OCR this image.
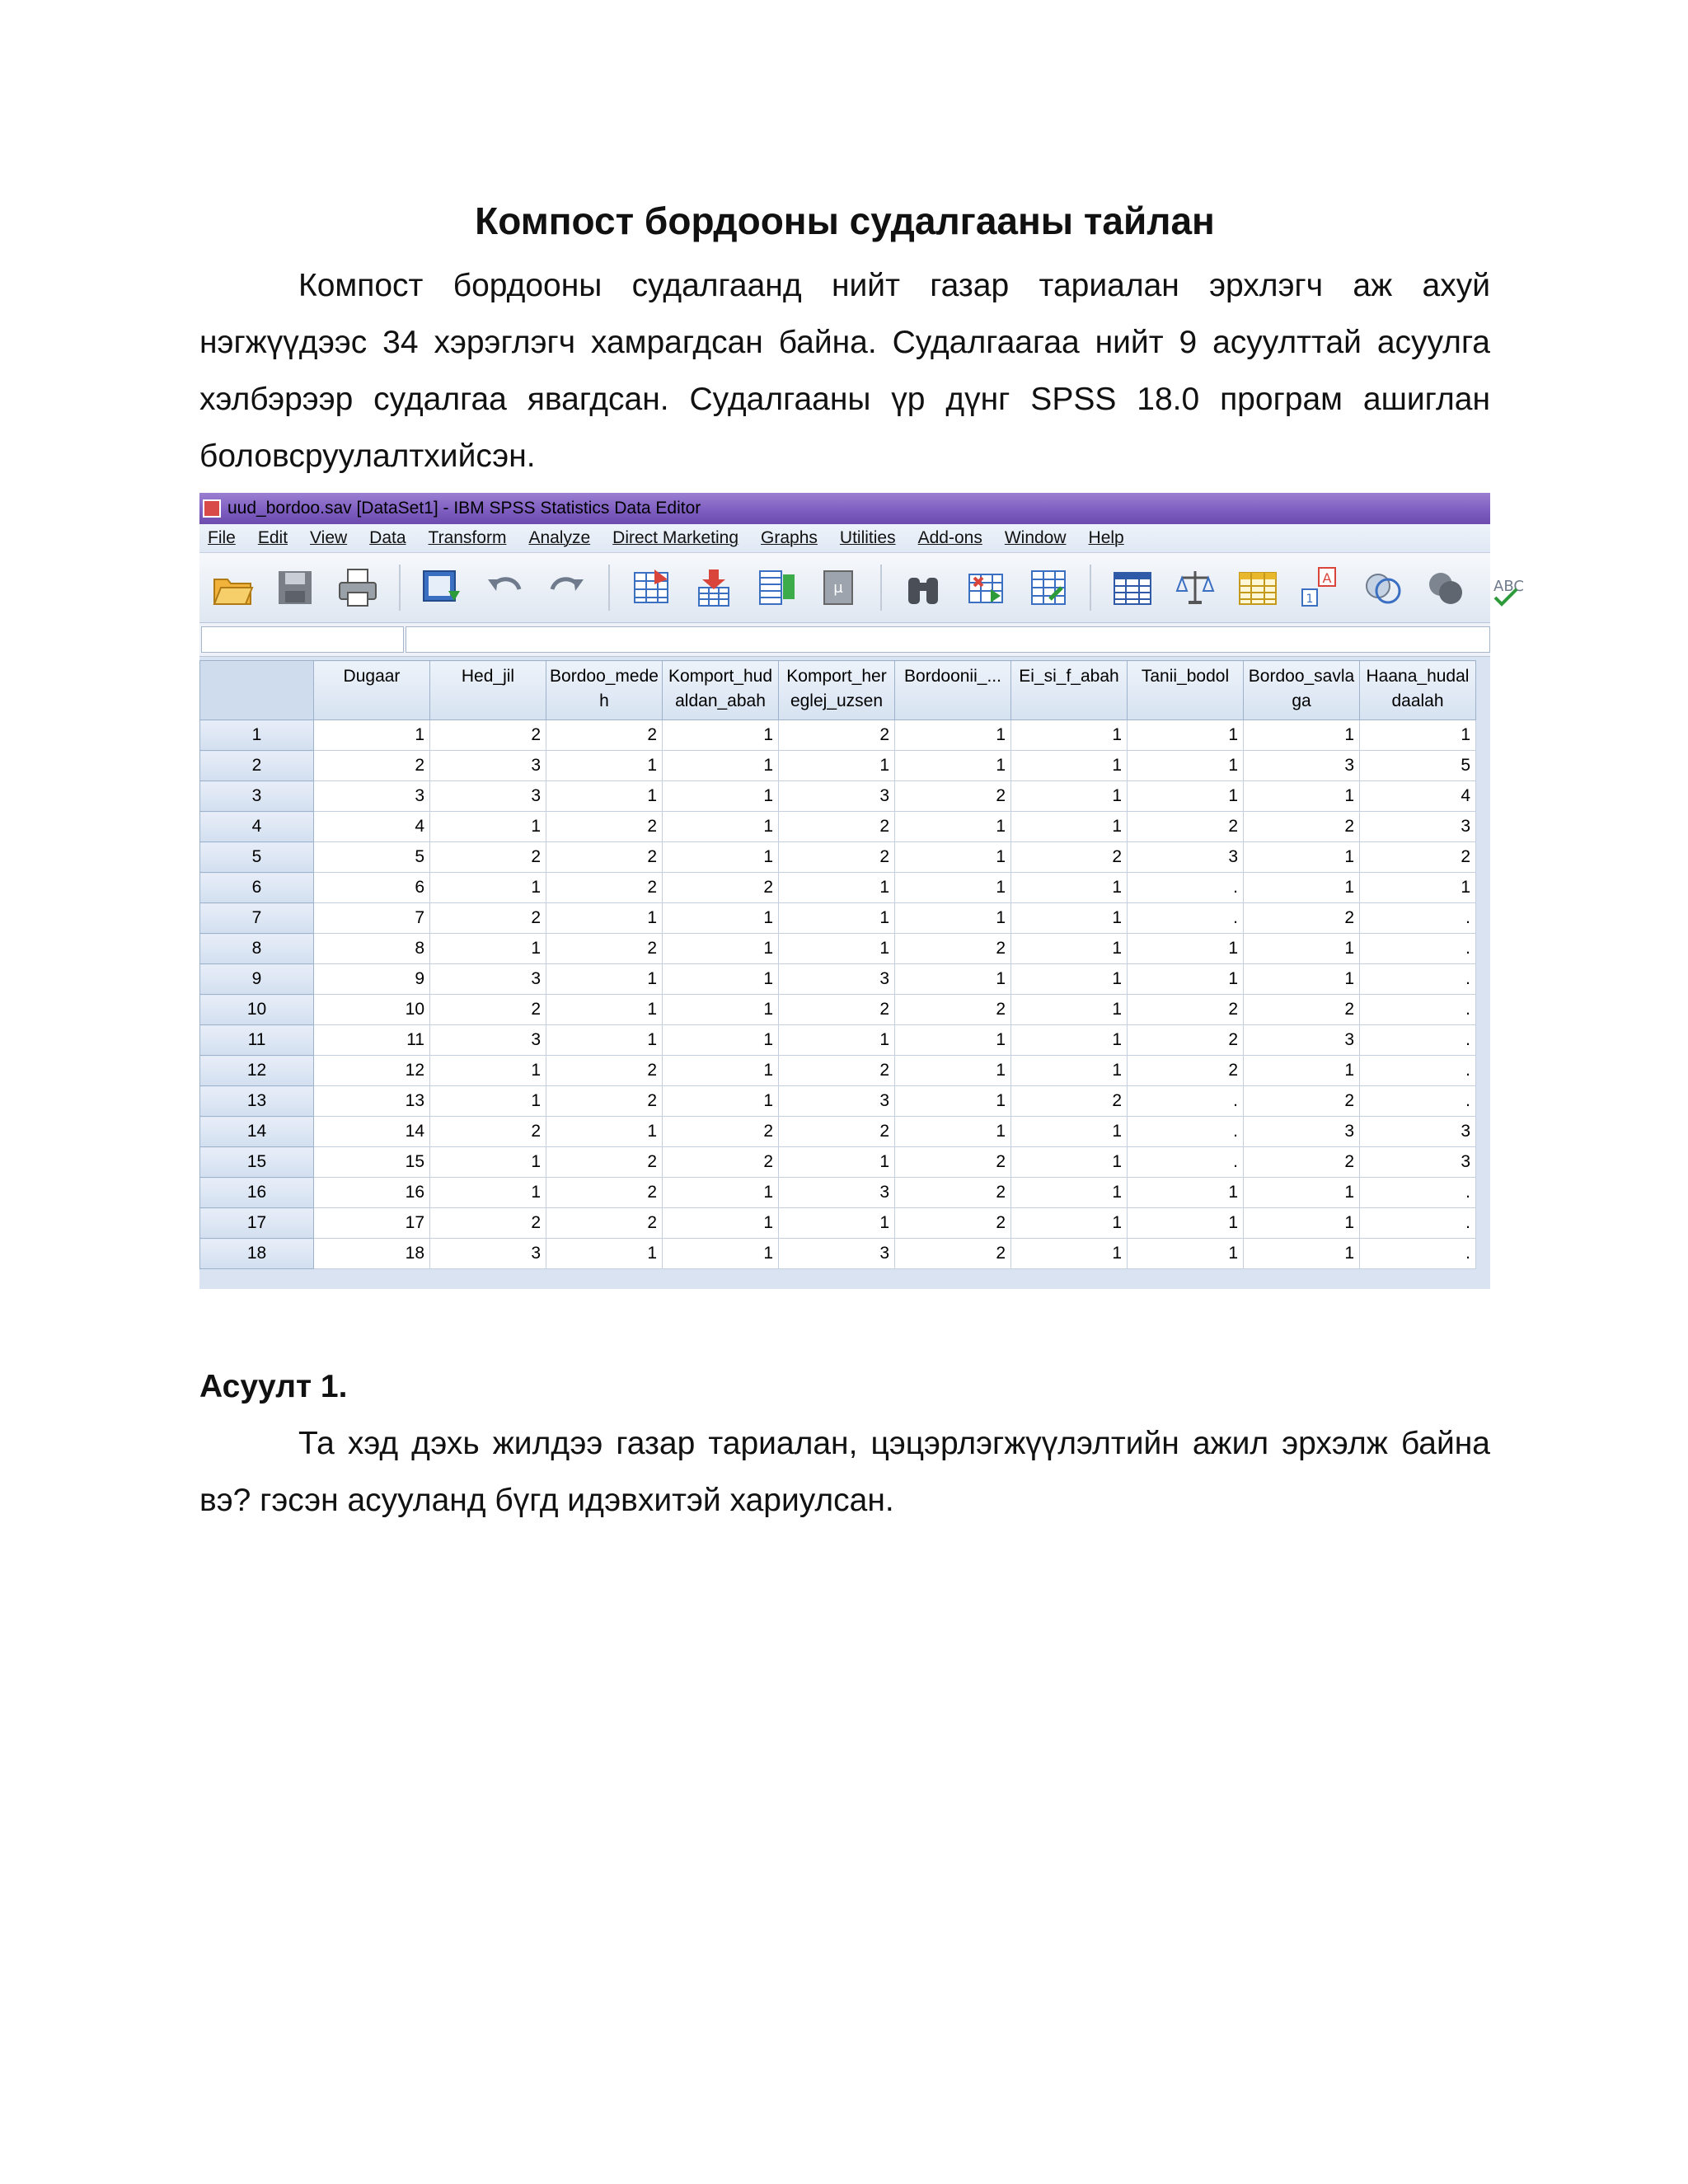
Компост бордооны судалгааны тайлан

Компост бордооны судалгаанд нийт газар тариалан эрхлэгч аж ахуй нэгжүүдээс 34 хэрэглэгч хамрагдсан байна. Судалгаагаа нийт 9 асуулттай асуулга хэлбэрээр судалгаа явагдсан. Судалгааны үр дүнг SPSS 18.0 програм ашиглан боловсруулалтхийсэн.

uud_bordoo.sav [DataSet1] - IBM SPSS Statistics Data Editor
File Edit View Data Transform Analyze Direct Marketing Graphs Utilities Add-ons Window Help
μ
A
1
ABC
	Dugaar	Hed_jil	Bordoo_mede h	Komport_hud aldan_abah	Komport_her eglej_uzsen	Bordoonii_...	Ei_si_f_abah	Tanii_bodol	Bordoo_savla ga	Haana_hudal daalah
1	1	2	2	1	2	1	1	1	1	1
2	2	3	1	1	1	1	1	1	3	5
3	3	3	1	1	3	2	1	1	1	4
4	4	1	2	1	2	1	1	2	2	3
5	5	2	2	1	2	1	2	3	1	2
6	6	1	2	2	1	1	1	.	1	1
7	7	2	1	1	1	1	1	.	2	.
8	8	1	2	1	1	2	1	1	1	.
9	9	3	1	1	3	1	1	1	1	.
10	10	2	1	1	2	2	1	2	2	.
11	11	3	1	1	1	1	1	2	3	.
12	12	1	2	1	2	1	1	2	1	.
13	13	1	2	1	3	1	2	.	2	.
14	14	2	1	2	2	1	1	.	3	3
15	15	1	2	2	1	2	1	.	2	3
16	16	1	2	1	3	2	1	1	1	.
17	17	2	2	1	1	2	1	1	1	.
18	18	3	1	1	3	2	1	1	1	.
Асуулт 1.

Та хэд дэхь жилдээ газар тариалан, цэцэрлэгжүүлэлтийн ажил эрхэлж байна вэ? гэсэн асууланд бүгд идэвхитэй хариулсан.
